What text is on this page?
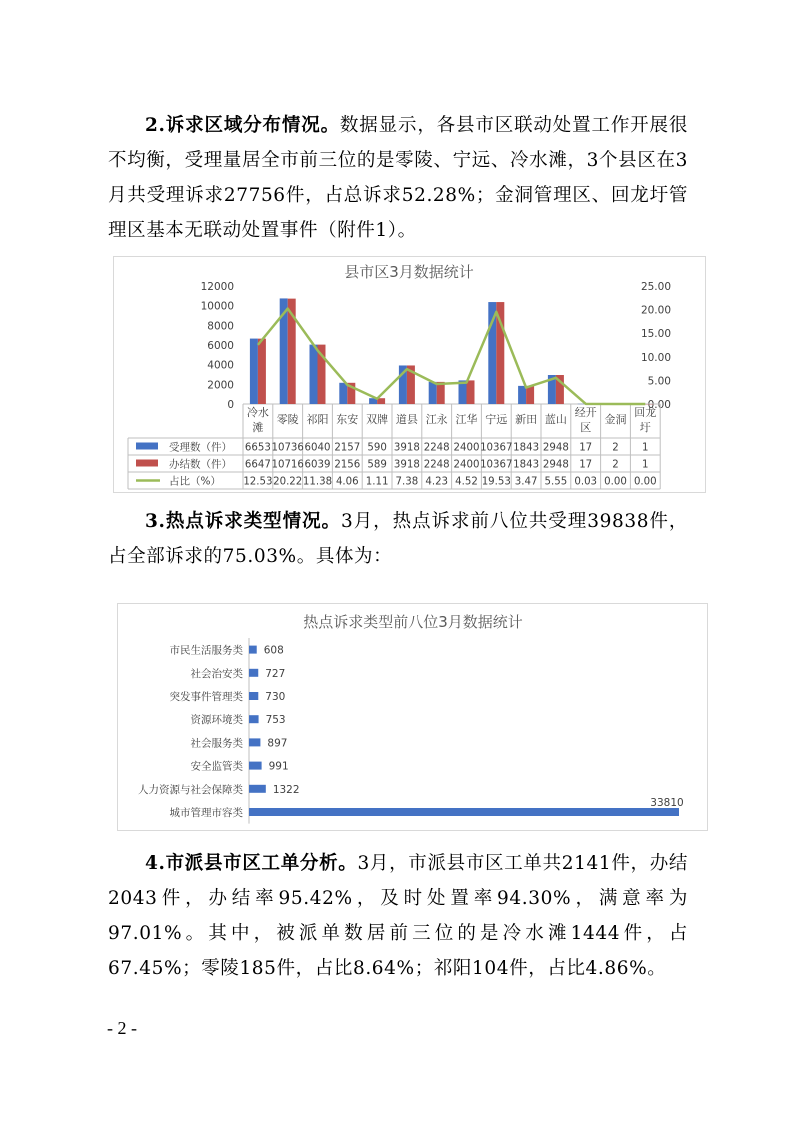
2.诉求区域分布情况。数据显示，各县市区联动处置工作开展很不均衡，受理量居全市前三位的是零陵、宁远、冷水滩，3个县区在3月共受理诉求27756件，占总诉求52.28%；金洞管理区、回龙圩管理区基本无联动处置事件（附件1）。

县市区3月数据统计
0
2000
4000
6000
8000
10000
12000
0.00
5.00
10.00
15.00
20.00
25.00
冷水滩
零陵 祁阳 东安 双牌 道县 江永 江华 宁远 新田 蓝山
经开区
金洞
回龙圩
受理数（件） 6653 10736 6040 2157 590 3918 2248 2400 10367 1843 2948 17 2 1
办结数（件） 6647 10716 6039 2156 589 3918 2248 2400 10367 1843 2948 17 2 1
占比（%） 12.53 20.22 11.38 4.06 1.11 7.38 4.23 4.52 19.53 3.47 5.55 0.03 0.00 0.00

3.热点诉求类型情况。3月，热点诉求前八位共受理39838件，占全部诉求的75.03%。具体为：

热点诉求类型前八位3月数据统计
市民生活服务类 608
社会治安类 727
突发事件管理类 730
资源环境类 753
社会服务类 897
安全监管类 991
人力资源与社会保障类	1322
城市管理市容类
33810

4.市派县市区工单分析。3月，市派县市区工单共2141件，办结2043件，办结率95.42%，及时处置率94.30%，满意率为97.01%。其中，被派单数居前三位的是冷水滩1444件，占67.45%；零陵185件，占比8.64%；祁阳104件，占比4.86%。

- 2 -
